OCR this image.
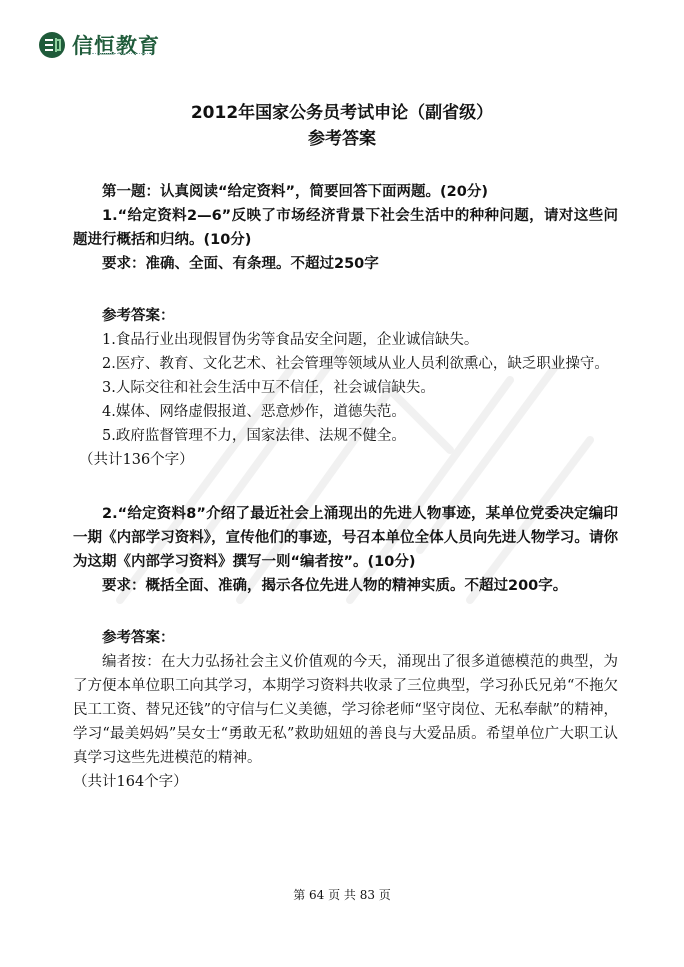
信恒教育
2012年国家公务员考试申论（副省级）
参考答案

第一题：认真阅读“给定资料”，简要回答下面两题。(20分)

1.“给定资料2—6”反映了市场经济背景下社会生活中的种种问题，请对这些问题进行概括和归纳。(10分)

要求：准确、全面、有条理。不超过250字

参考答案：

1.食品行业出现假冒伪劣等食品安全问题，企业诚信缺失。

2.医疗、教育、文化艺术、社会管理等领域从业人员利欲熏心，缺乏职业操守。

3.人际交往和社会生活中互不信任，社会诚信缺失。

4.媒体、网络虚假报道、恶意炒作，道德失范。

5.政府监督管理不力，国家法律、法规不健全。

（共计136个字）

2.“给定资料8”介绍了最近社会上涌现出的先进人物事迹，某单位党委决定编印一期《内部学习资料》，宣传他们的事迹，号召本单位全体人员向先进人物学习。请你为这期《内部学习资料》撰写一则“编者按”。(10分)

要求：概括全面、准确，揭示各位先进人物的精神实质。不超过200字。

参考答案：

编者按：在大力弘扬社会主义价值观的今天，涌现出了很多道德模范的典型，为了方便本单位职工向其学习，本期学习资料共收录了三位典型，学习孙氏兄弟“不拖欠民工工资、替兄还钱”的守信与仁义美德，学习徐老师“坚守岗位、无私奉献”的精神，学习“最美妈妈”吴女士“勇敢无私”救助妞妞的善良与大爱品质。希望单位广大职工认真学习这些先进模范的精神。

（共计164个字）

第 64 页 共 83 页
